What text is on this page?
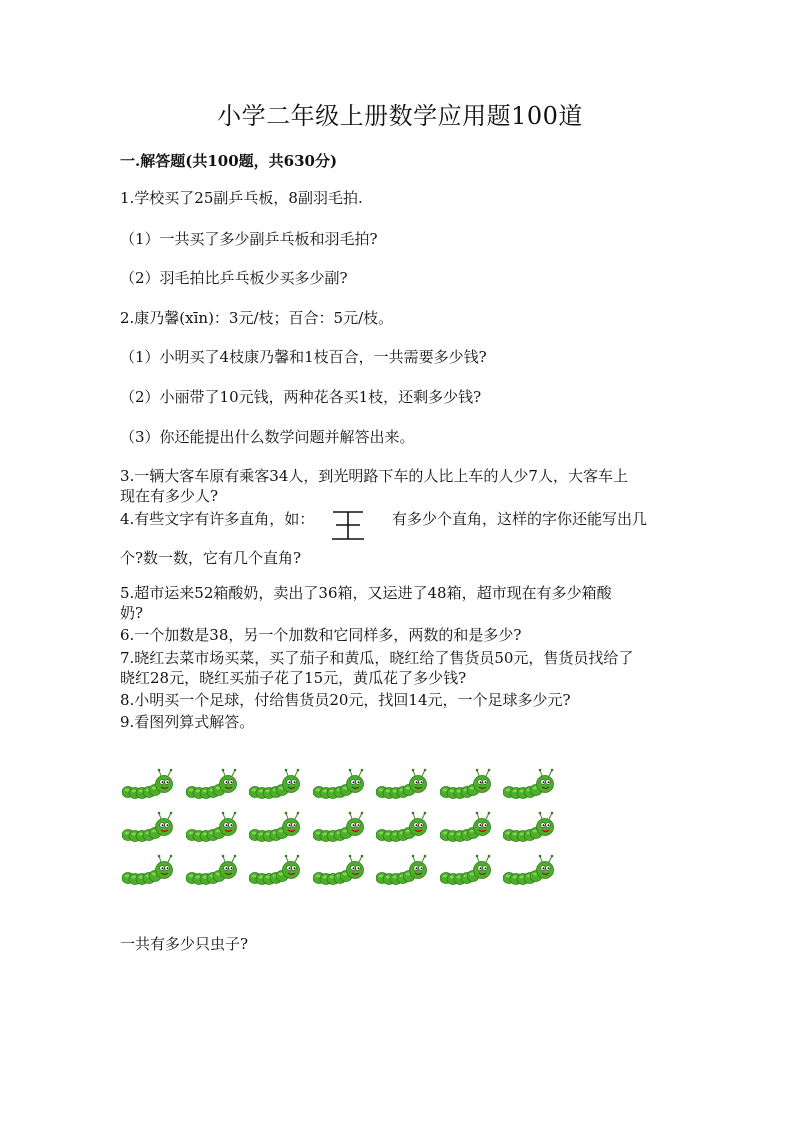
小学二年级上册数学应用题100道
一.解答题(共100题，共630分)
1.学校买了25副乒乓板，8副羽毛拍.
（1）一共买了多少副乒乓板和羽毛拍?
（2）羽毛拍比乒乓板少买多少副?
2.康乃馨(xīn)：3元/枝；百合：5元/枝。
（1）小明买了4枝康乃馨和1枝百合，一共需要多少钱?
（2）小丽带了10元钱，两种花各买1枝，还剩多少钱?
（3）你还能提出什么数学问题并解答出来。
3.一辆大客车原有乘客34人，到光明路下车的人比上车的人少7人，大客车上
现在有多少人?
4.有些文字有许多直角，如：	有多少个直角，这样的字你还能写出几
个?数一数，它有几个直角?
5.超市运来52箱酸奶，卖出了36箱，又运进了48箱，超市现在有多少箱酸
奶?
6.一个加数是38，另一个加数和它同样多，两数的和是多少?
7.晓红去菜市场买菜，买了茄子和黄瓜，晓红给了售货员50元，售货员找给了
晓红28元，晓红买茄子花了15元，黄瓜花了多少钱?
8.小明买一个足球，付给售货员20元，找回14元，一个足球多少元?
9.看图列算式解答。
一共有多少只虫子?
